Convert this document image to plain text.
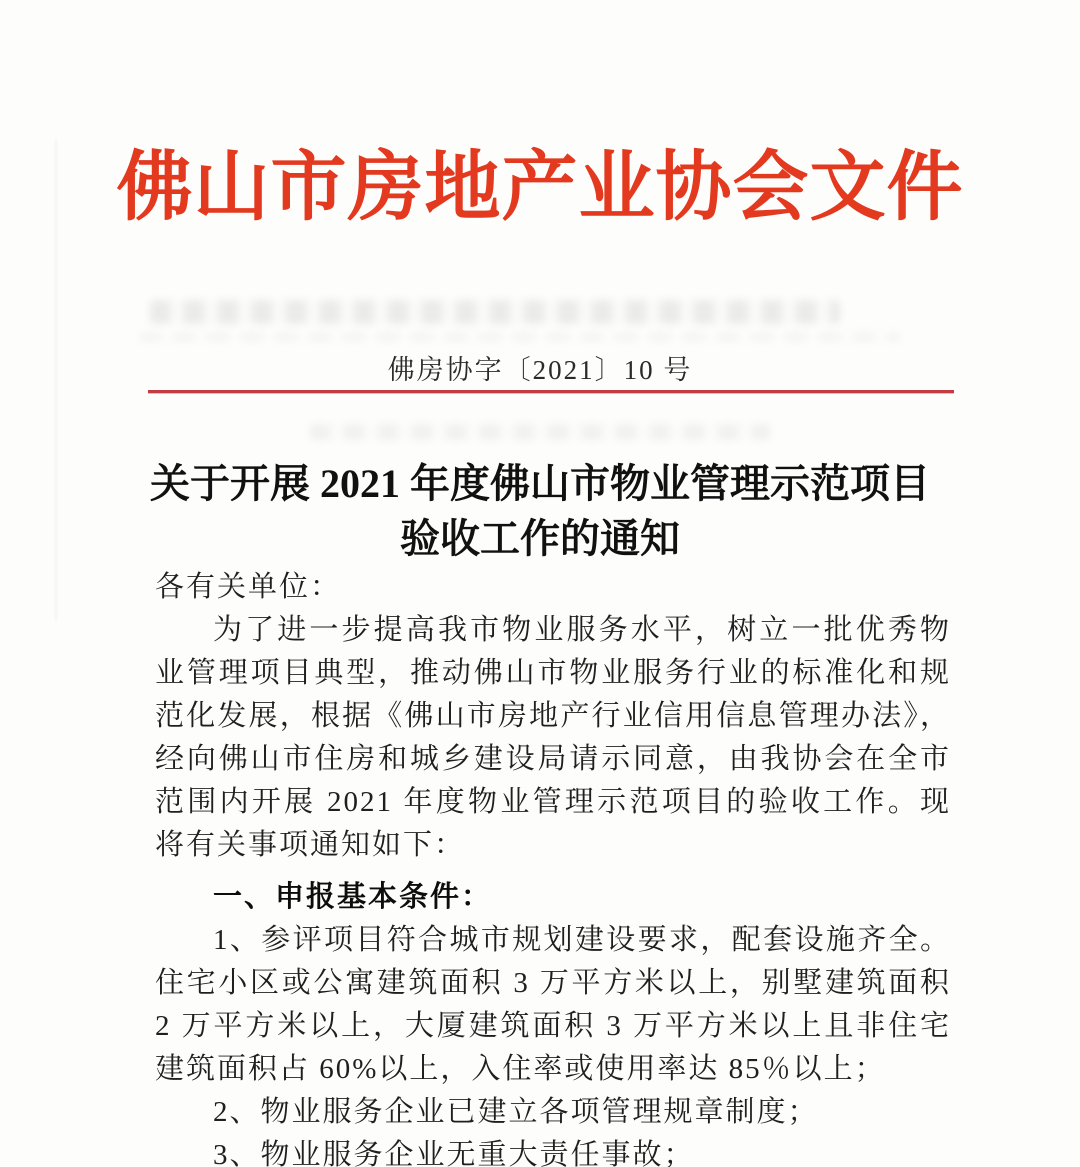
佛山市房地产业协会文件
佛房协字〔2021〕10 号
关于开展 2021 年度佛山市物业管理示范项目
验收工作的通知

各有关单位：

为了进一步提高我市物业服务水平，树立一批优秀物业管理项目典型，推动佛山市物业服务行业的标准化和规范化发展，根据《佛山市房地产行业信用信息管理办法》，经向佛山市住房和城乡建设局请示同意，由我协会在全市范围内开展 2021 年度物业管理示范项目的验收工作。现将有关事项通知如下：

一、申报基本条件：

1、参评项目符合城市规划建设要求，配套设施齐全。住宅小区或公寓建筑面积 3 万平方米以上，别墅建筑面积 2 万平方米以上，大厦建筑面积 3 万平方米以上且非住宅建筑面积占 60%以上，入住率或使用率达 85％以上；

2、物业服务企业已建立各项管理规章制度；

3、物业服务企业无重大责任事故；
